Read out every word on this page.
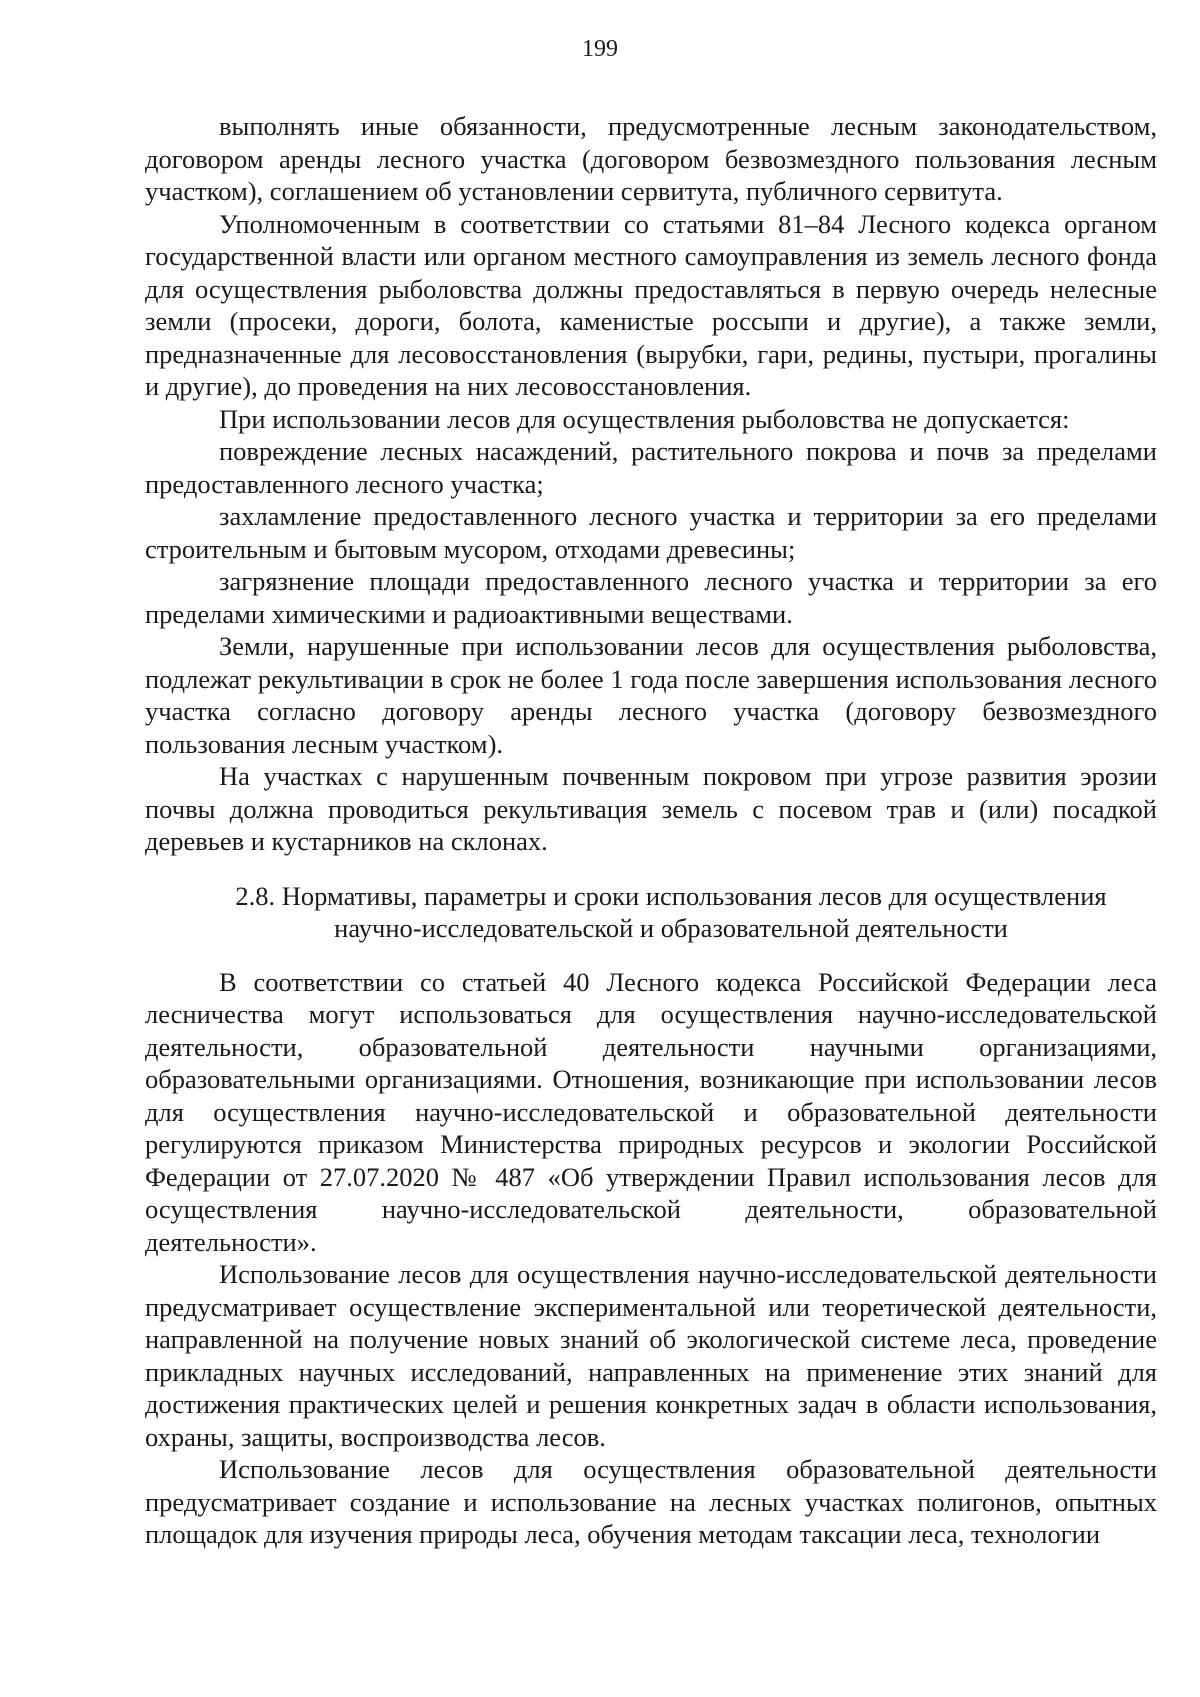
199

выполнять иные обязанности, предусмотренные лесным законодательством, договором аренды лесного участка (договором безвозмездного пользования лесным участком), соглашением об установлении сервитута, публичного сервитута.

Уполномоченным в соответствии со статьями 81–84 Лесного кодекса органом государственной власти или органом местного самоуправления из земель лесного фонда для осуществления рыболовства должны предоставляться в первую очередь нелесные земли (просеки, дороги, болота, каменистые россыпи и другие), а также земли, предназначенные для лесовосстановления (вырубки, гари, редины, пустыри, прогалины и другие), до проведения на них лесовосстановления.

При использовании лесов для осуществления рыболовства не допускается:

повреждение лесных насаждений, растительного покрова и почв за пределами предоставленного лесного участка;

захламление предоставленного лесного участка и территории за его пределами строительным и бытовым мусором, отходами древесины;

загрязнение площади предоставленного лесного участка и территории за его пределами химическими и радиоактивными веществами.

Земли, нарушенные при использовании лесов для осуществления рыболовства, подлежат рекультивации в срок не более 1 года после завершения использования лесного участка согласно договору аренды лесного участка (договору безвозмездного пользования лесным участком).

На участках с нарушенным почвенным покровом при угрозе развития эрозии почвы должна проводиться рекультивация земель с посевом трав и (или) посадкой деревьев и кустарников на склонах.

2.8. Нормативы, параметры и сроки использования лесов для осуществления
научно-исследовательской и образовательной деятельности

В соответствии со статьей 40 Лесного кодекса Российской Федерации леса лесничества могут использоваться для осуществления научно-исследовательской деятельности, образовательной деятельности научными организациями, образовательными организациями. Отношения, возникающие при использовании лесов для осуществления научно-исследовательской и образовательной деятельности регулируются приказом Министерства природных ресурсов и экологии Российской Федерации от 27.07.2020 № 487 «Об утверждении Правил использования лесов для осуществления научно-исследовательской деятельности, образовательной деятельности».

Использование лесов для осуществления научно-исследовательской деятельности предусматривает осуществление экспериментальной или теоретической деятельности, направленной на получение новых знаний об экологической системе леса, проведение прикладных научных исследований, направленных на применение этих знаний для достижения практических целей и решения конкретных задач в области использования, охраны, защиты, воспроизводства лесов.

Использование лесов для осуществления образовательной деятельности предусматривает создание и использование на лесных участках полигонов, опытных площадок для изучения природы леса, обучения методам таксации леса, технологии
